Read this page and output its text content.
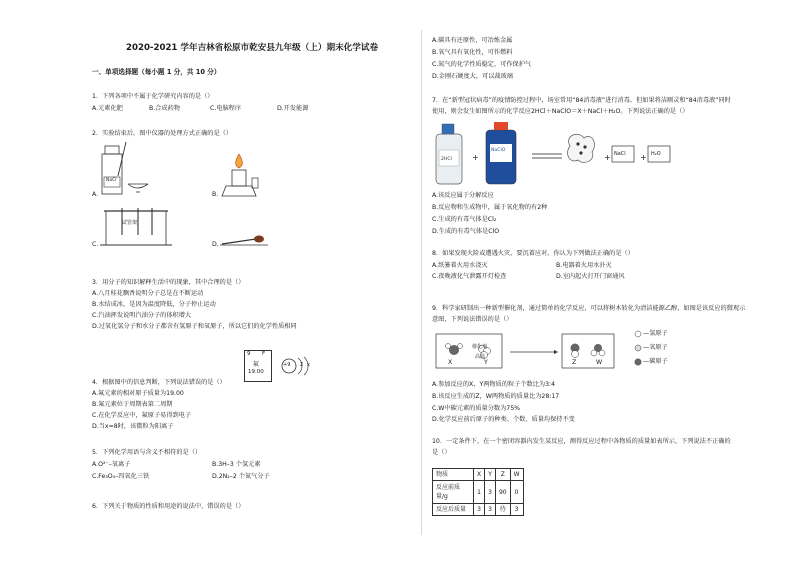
2020-2021 学年吉林省松原市乾安县九年级（上）期末化学试卷
一、单项选择题（每小题 1 分，共 10 分）
1．下列各项中不属于化学研究内容的是（）
A.元素化肥	B.合成药物	C.电脑程序	D.开发能源
2．实验结束后，图中仪器的处理方式正确的是（）
NaCl
A.	B.
试管架
C.	D.
3．用分子的知识解释生活中的现象，其中合理的是（）
A.八月桂花飘香说明分子总是在不断运动
B.水结成冰，是因为温度降低，分子停止运动
C.汽油挥发说明汽油分子的体积增大
D.过氧化氢分子和水分子都含有氢原子和氧原子，所以它们的化学性质相同
9 F
氟
19.00
+9 2 x
4．根据图中的信息判断，下列说法错误的是（）
A.氟元素的相对原子质量为19.00
B.氟元素位于周期表第二周期
C.在化学反应中，氟原子易得到电子
D.当x=8时，该微粒为阳离子
5．下列化学用语与含义不相符的是（）
A.O²⁻–氧离子	B.3H–3 个氢元素
C.Fe₃O₄–四氧化三铁	D.2N₂–2 个氮气分子
6．下列关于物质的性质和用途的说法中，错误的是（）
A.碳具有还原性，可冶炼金属
B.氧气具有氧化性，可作燃料
C.氮气的化学性质稳定，可作保护气
D.金刚石硬度大，可以裁玻璃
7．在“新型冠状病毒”的疫情防控过程中，场室常用“84消毒液”进行消毒。但如果将洁厕灵和“84消毒液”同时
使用，则会发生如图所示的化学反应2HCl＋NaClO＝X＋NaCl＋H₂O。下列说法正确的是（）
+	+	+
2HCl
NaClO
NaCl	H₂O
A.该反应属于分解反应
B.反应物和生成物中，属于氧化物的有2种
C.生成的有毒气体是Cl₂
D.生成的有毒气体是ClO
8．如果发现火险或遭遇火灾，要沉着应对。你认为下列做法正确的是（）
A.纸篓着火用水浇灭	B.电器着火用水扑灭
C.夜晚液化气泄露开灯检查	D.室内起火打开门窗通风
9．科学家研制出一种新型催化剂，通过简单的化学反应，可以将树木转化为清洁能源乙醇，如图是该反应的微观示
意图，下列说法错误的是（）
催化剂
高温
X	Y	Z	W
—氢原子
—氧原子
—碳原子
A.参加反应的X，Y两物质的粒子个数比为3:4
B.该反应生成的Z，W两物质的质量比为28:17
C.W中碳元素的质量分数为75%
D.化学反应前后原子的种类、个数、质量均保持不变
10．一定条件下，在一个密闭容器内发生某反应，测得反应过程中各物质的质量如表所示，下列说法不正确的
是（）
物质	X	Y	Z	W
反应前质量/g	1	3	90	0
反应后质量	3	3	待	3
